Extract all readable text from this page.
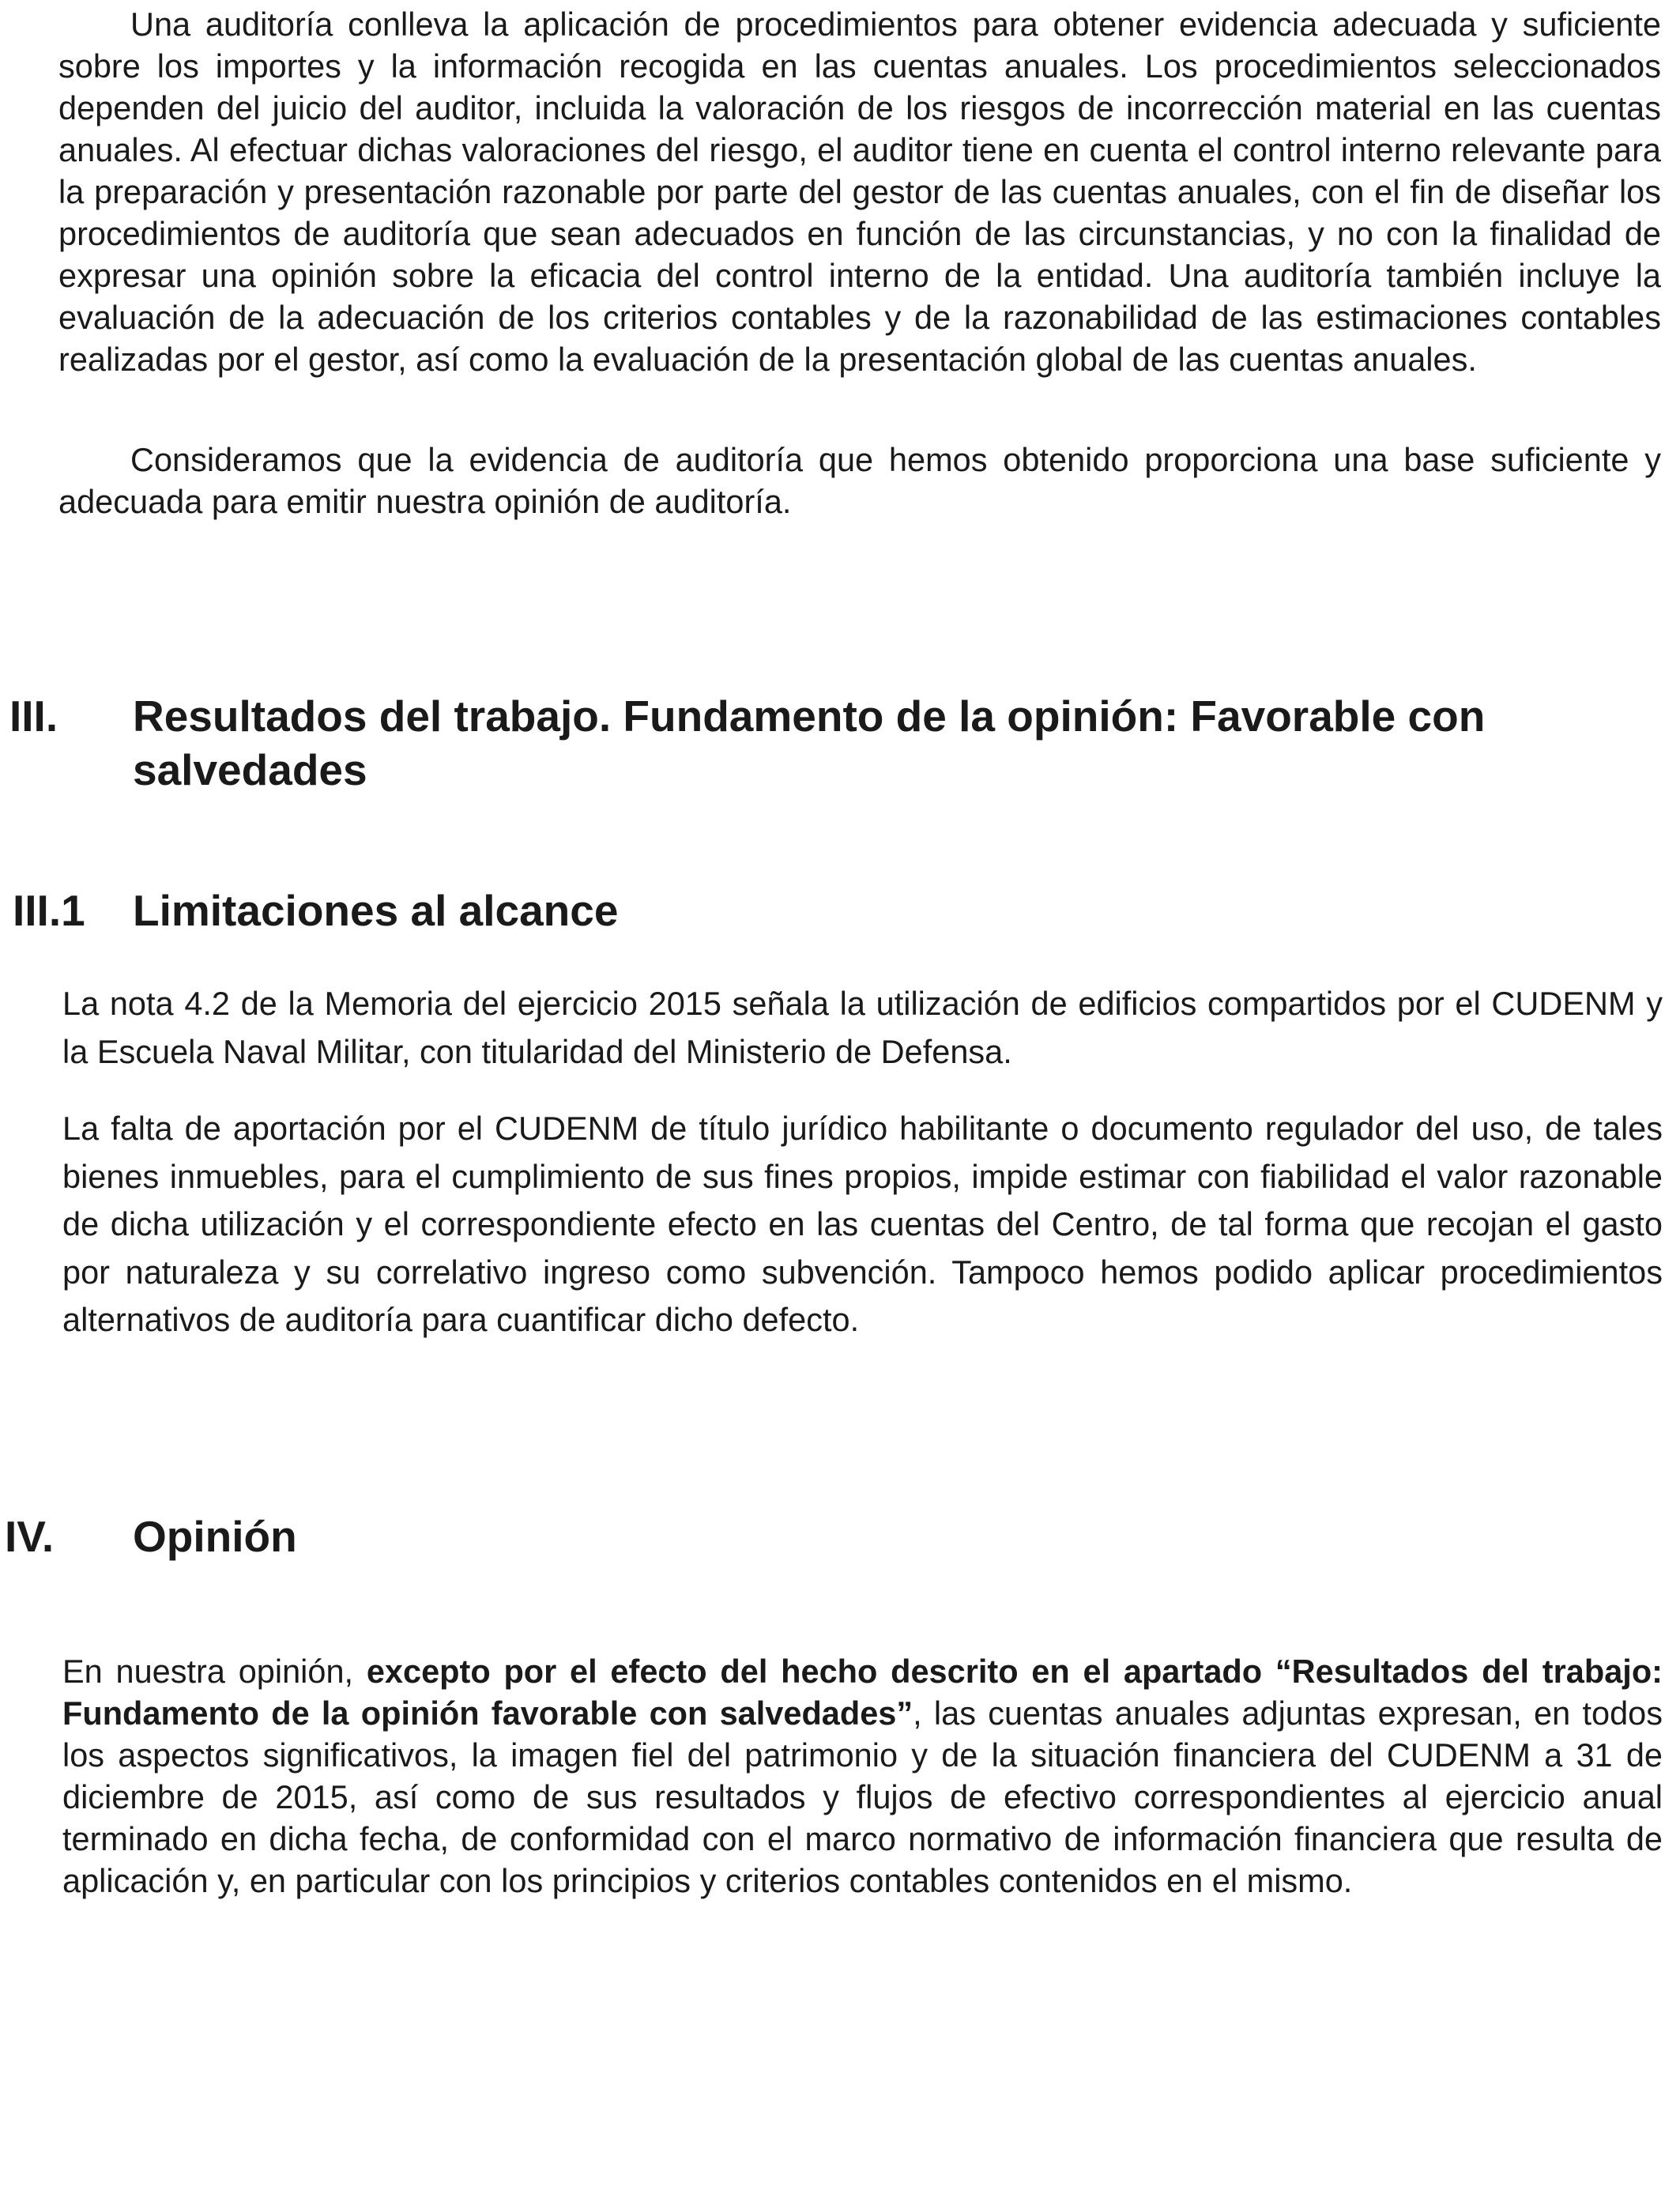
Una auditoría conlleva la aplicación de procedimientos para obtener evidencia adecuada y suficiente sobre los importes y la información recogida en las cuentas anuales. Los procedimientos seleccionados dependen del juicio del auditor, incluida la valoración de los riesgos de incorrección material en las cuentas anuales. Al efectuar dichas valoraciones del riesgo, el auditor tiene en cuenta el control interno relevante para la preparación y presentación razonable por parte del gestor de las cuentas anuales, con el fin de diseñar los procedimientos de auditoría que sean adecuados en función de las circunstancias, y no con la finalidad de expresar una opinión sobre la eficacia del control interno de la entidad. Una auditoría también incluye la evaluación de la adecuación de los criterios contables y de la razonabilidad de las estimaciones contables realizadas por el gestor, así como la evaluación de la presentación global de las cuentas anuales.

Consideramos que la evidencia de auditoría que hemos obtenido proporciona una base suficiente y adecuada para emitir nuestra opinión de auditoría.

III. Resultados del trabajo. Fundamento de la opinión: Favorable con salvedades
III.1 Limitaciones al alcance

La nota 4.2 de la Memoria del ejercicio 2015 señala la utilización de edificios compartidos por el CUDENM y la Escuela Naval Militar, con titularidad del Ministerio de Defensa.

La falta de aportación por el CUDENM de título jurídico habilitante o documento regulador del uso, de tales bienes inmuebles, para el cumplimiento de sus fines propios, impide estimar con fiabilidad el valor razonable de dicha utilización y el correspondiente efecto en las cuentas del Centro, de tal forma que recojan el gasto por naturaleza y su correlativo ingreso como subvención. Tampoco hemos podido aplicar procedimientos alternativos de auditoría para cuantificar dicho defecto.

IV. Opinión

En nuestra opinión, excepto por el efecto del hecho descrito en el apartado “Resultados del trabajo: Fundamento de la opinión favorable con salvedades”, las cuentas anuales adjuntas expresan, en todos los aspectos significativos, la imagen fiel del patrimonio y de la situación financiera del CUDENM a 31 de diciembre de 2015, así como de sus resultados y flujos de efectivo correspondientes al ejercicio anual terminado en dicha fecha, de conformidad con el marco normativo de información financiera que resulta de aplicación y, en particular con los principios y criterios contables contenidos en el mismo.
